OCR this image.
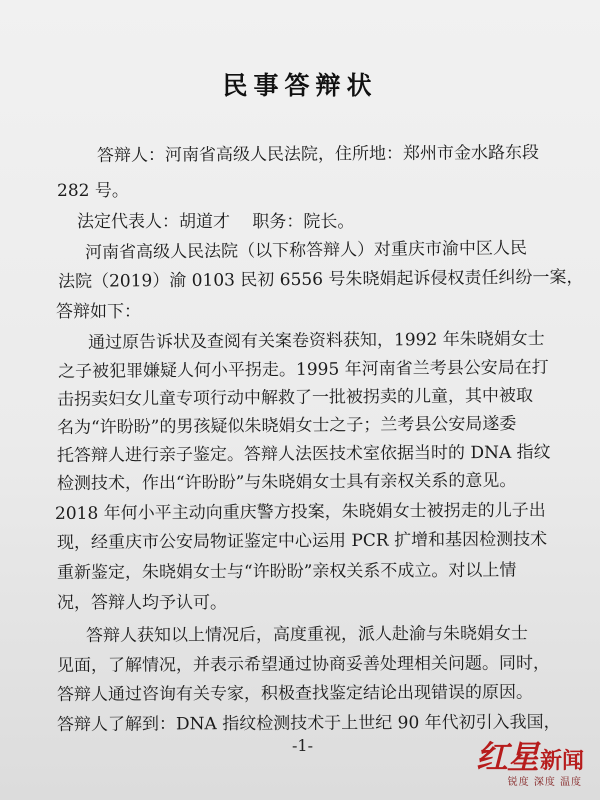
民事答辩状
答辩人：河南省高级人民法院，住所地：郑州市金水路东段
282 号。
法定代表人：胡道才　 职务：院长。
河南省高级人民法院（以下称答辩人）对重庆市渝中区人民
法院（2019）渝 0103 民初 6556 号朱晓娟起诉侵权责任纠纷一案，
答辩如下：
通过原告诉状及查阅有关案卷资料获知，1992 年朱晓娟女士
之子被犯罪嫌疑人何小平拐走。1995 年河南省兰考县公安局在打
击拐卖妇女儿童专项行动中解救了一批被拐卖的儿童，其中被取
名为“许盼盼”的男孩疑似朱晓娟女士之子；兰考县公安局遂委
托答辩人进行亲子鉴定。答辩人法医技术室依据当时的 DNA 指纹
检测技术，作出“许盼盼”与朱晓娟女士具有亲权关系的意见。
2018 年何小平主动向重庆警方投案，朱晓娟女士被拐走的儿子出
现，经重庆市公安局物证鉴定中心运用 PCR 扩增和基因检测技术
重新鉴定，朱晓娟女士与“许盼盼”亲权关系不成立。对以上情
况，答辩人均予认可。
答辩人获知以上情况后，高度重视，派人赴渝与朱晓娟女士
见面，了解情况，并表示希望通过协商妥善处理相关问题。同时，
答辩人通过咨询有关专家，积极查找鉴定结论出现错误的原因。
答辩人了解到：DNA 指纹检测技术于上世纪 90 年代初引入我国，
-1-	红星 新闻
锐度 深度 温度
